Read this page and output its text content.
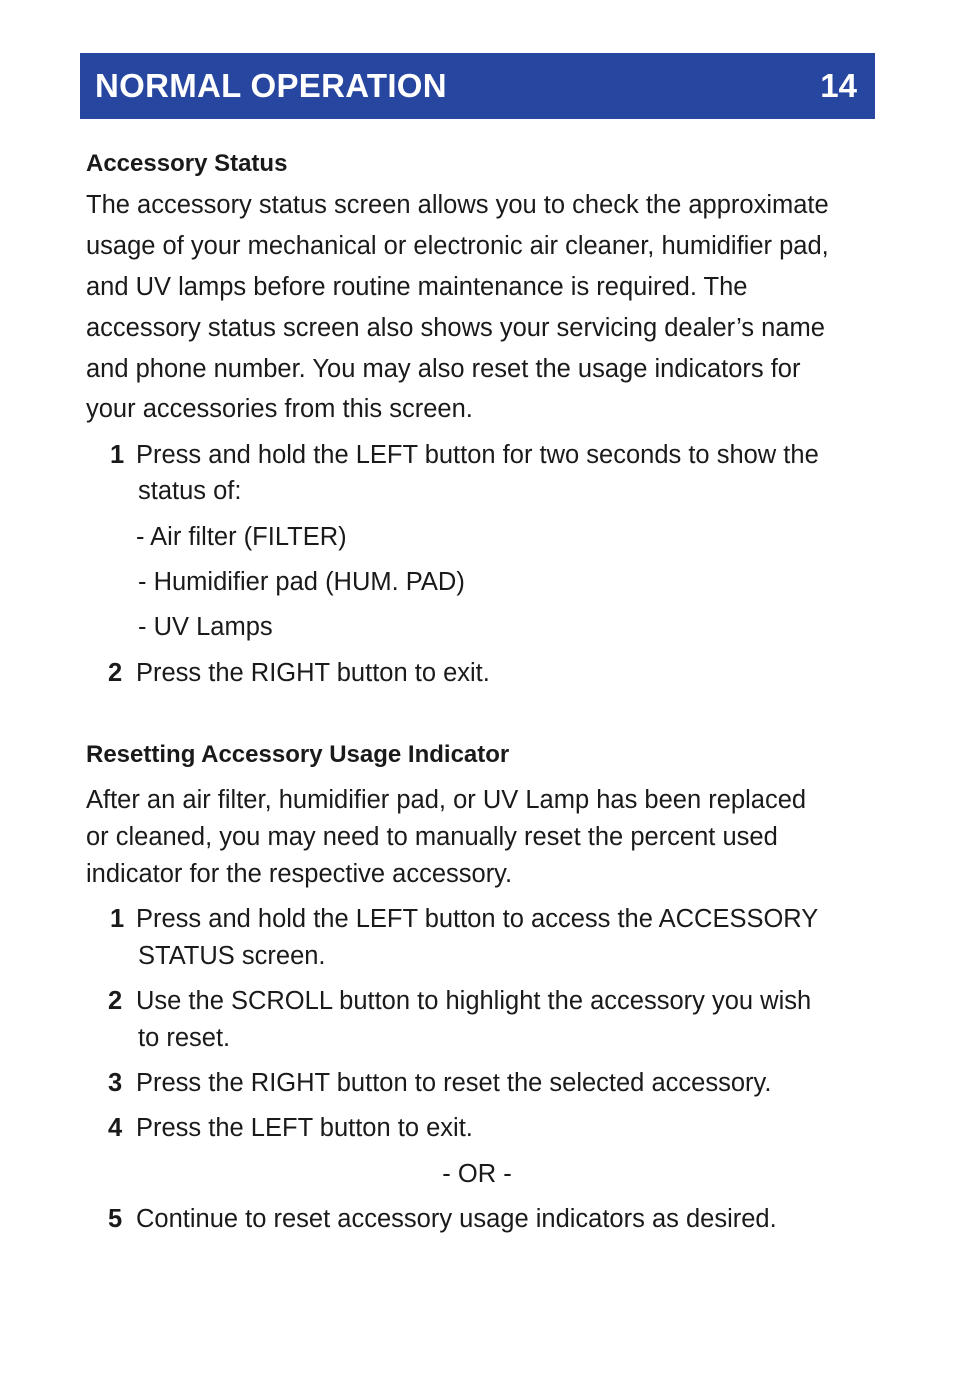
NORMAL OPERATION	14
Accessory Status
The accessory status screen allows you to check the approximate
usage of your mechanical or electronic air cleaner, humidifier pad,
and UV lamps before routine maintenance is required. The
accessory status screen also shows your servicing dealer’s name
and phone number. You may also reset the usage indicators for
your accessories from this screen.
1 Press and hold the LEFT button for two seconds to show the
status of:
- Air filter (FILTER)
- Humidifier pad (HUM. PAD)
- UV Lamps
2 Press the RIGHT button to exit.
Resetting Accessory Usage Indicator
After an air filter, humidifier pad, or UV Lamp has been replaced
or cleaned, you may need to manually reset the percent used
indicator for the respective accessory.
1 Press and hold the LEFT button to access the ACCESSORY
STATUS screen.
2 Use the SCROLL button to highlight the accessory you wish
to reset.
3 Press the RIGHT button to reset the selected accessory.
4 Press the LEFT button to exit.
- OR -
5 Continue to reset accessory usage indicators as desired.
